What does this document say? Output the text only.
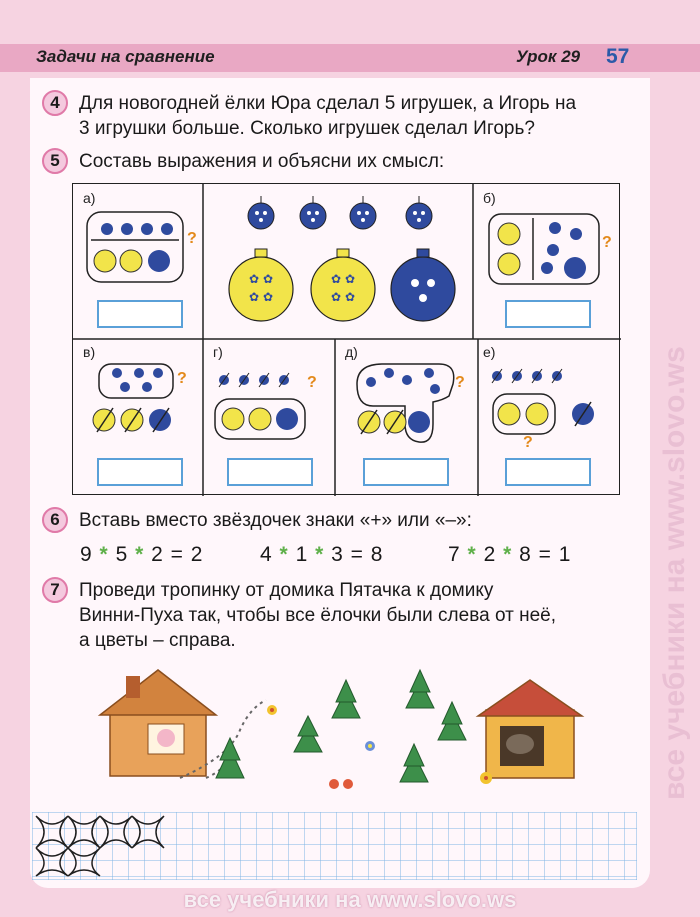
Задачи на сравнение	Урок 29 57
4	Для новогодней ёлки Юра сделал 5 игрушек, а Игорь на
3 игрушки больше. Сколько игрушек сделал Игорь?
5	Составь выражения и объясни их смысл:
✿ ✿
✿ ✿
✿ ✿
✿ ✿
а)	б)
в)	г)	д)	е)
?	?
?	?	?
?
6	Вставь вместо звёздочек знаки «+» или «–»:
9 * 5 * 2 = 2	4 * 1 * 3 = 8	7 * 2 * 8 = 1
7	Проведи тропинку от домика Пятачка к домику
Винни-Пуха так, чтобы все ёлочки были слева от неё,
а цветы – справа.	все учебники на www.slovo.ws
все учебники на www.slovo.ws
